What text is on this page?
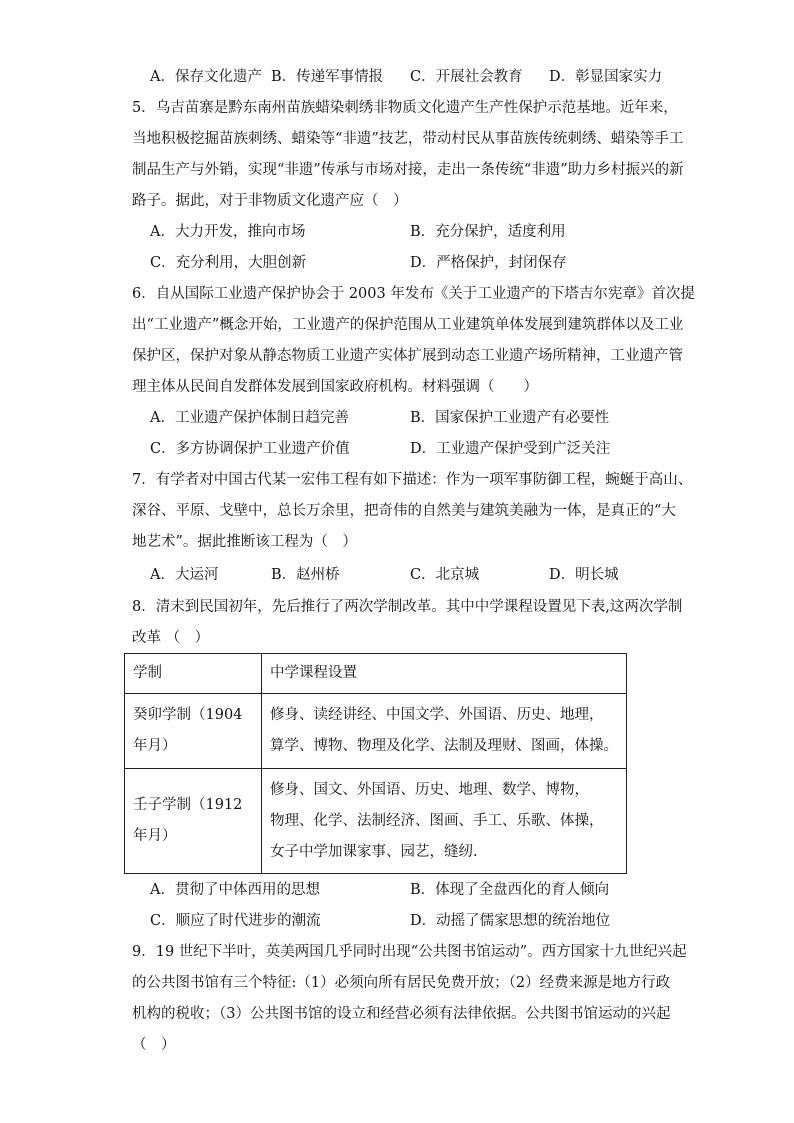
A．保存文化遗产 B．传递军事情报 C．开展社会教育 D．彰显国家实力
5．乌吉苗寨是黔东南州苗族蜡染刺绣非物质文化遗产生产性保护示范基地。近年来，
当地积极挖掘苗族刺绣、蜡染等“非遗”技艺，带动村民从事苗族传统刺绣、蜡染等手工
制品生产与外销，实现“非遗”传承与市场对接，走出一条传统“非遗”助力乡村振兴的新
路子。据此，对于非物质文化遗产应（　）
A．大力开发，推向市场	B．充分保护，适度利用
C．充分利用，大胆创新	D．严格保护，封闭保存
6．自从国际工业遗产保护协会于 2003 年发布《关于工业遗产的下塔吉尔宪章》首次提
出“工业遗产”概念开始，工业遗产的保护范围从工业建筑单体发展到建筑群体以及工业
保护区，保护对象从静态物质工业遗产实体扩展到动态工业遗产场所精神，工业遗产管
理主体从民间自发群体发展到国家政府机构。材料强调（　　）
A．工业遗产保护体制日趋完善	B．国家保护工业遗产有必要性
C．多方协调保护工业遗产价值	D．工业遗产保护受到广泛关注
7．有学者对中国古代某一宏伟工程有如下描述：作为一项军事防御工程，蜿蜒于高山、
深谷、平原、戈壁中，总长万余里，把奇伟的自然美与建筑美融为一体，是真正的“大
地艺术”。据此推断该工程为（　）
A．大运河	B．赵州桥	C．北京城	D．明长城
8．清末到民国初年，先后推行了两次学制改革。其中中学课程设置见下表,这两次学制
改革 （　）
学制	中学课程设置
癸卯学制（1904 年月）	修身、读经讲经、中国文学、外国语、历史、地理，
算学、博物、物理及化学、法制及理财、图画，体操。

壬子学制（1912 年月）	修身、国文、外国语、历史、地理、数学、博物，
物理、化学、法制经济、图画、手工、乐歌、体操，
女子中学加课家事、园艺，缝纫.
A．贯彻了中体西用的思想	B．体现了全盘西化的育人倾向
C．顺应了时代进步的潮流	D．动摇了儒家思想的统治地位
9．19 世纪下半叶，英美两国几乎同时出现“公共图书馆运动”。西方国家十九世纪兴起
的公共图书馆有三个特征:（1）必须向所有居民免费开放；（2）经费来源是地方行政
机构的税收；（3）公共图书馆的设立和经营必须有法律依据。公共图书馆运动的兴起
（　）
